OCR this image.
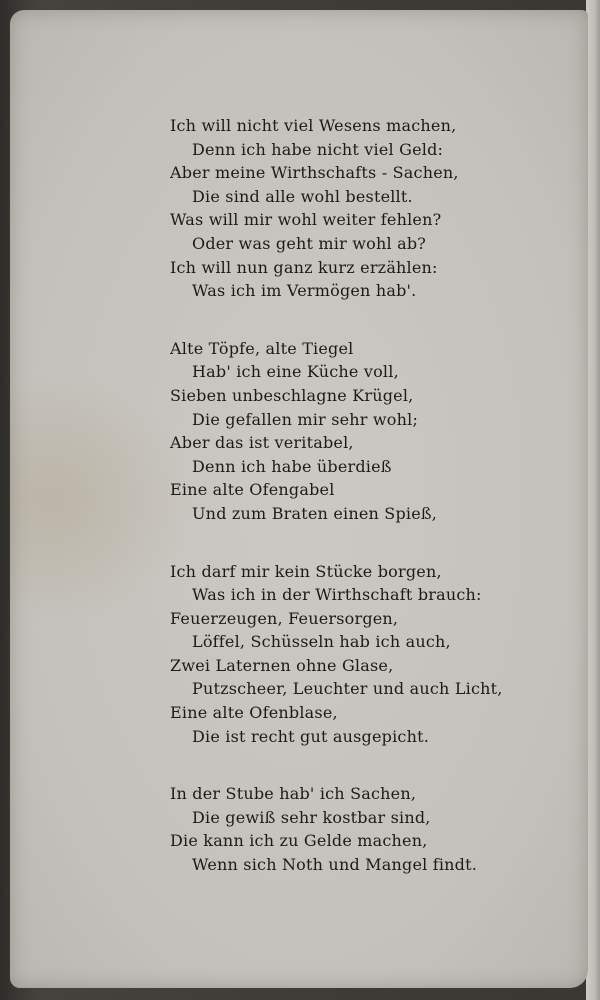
Ich will nicht viel Wesens machen,
Denn ich habe nicht viel Geld:
Aber meine Wirthschafts - Sachen,
Die sind alle wohl bestellt.
Was will mir wohl weiter fehlen?
Oder was geht mir wohl ab?
Ich will nun ganz kurz erzählen:
Was ich im Vermögen hab'.
Alte Töpfe, alte Tiegel
Hab' ich eine Küche voll,
Sieben unbeschlagne Krügel,
Die gefallen mir sehr wohl;
Aber das ist veritabel,
Denn ich habe überdieß
Eine alte Ofengabel
Und zum Braten einen Spieß,
Ich darf mir kein Stücke borgen,
Was ich in der Wirthschaft brauch:
Feuerzeugen, Feuersorgen,
Löffel, Schüsseln hab ich auch,
Zwei Laternen ohne Glase,
Putzscheer, Leuchter und auch Licht,
Eine alte Ofenblase,
Die ist recht gut ausgepicht.
In der Stube hab' ich Sachen,
Die gewiß sehr kostbar sind,
Die kann ich zu Gelde machen,
Wenn sich Noth und Mangel findt.
